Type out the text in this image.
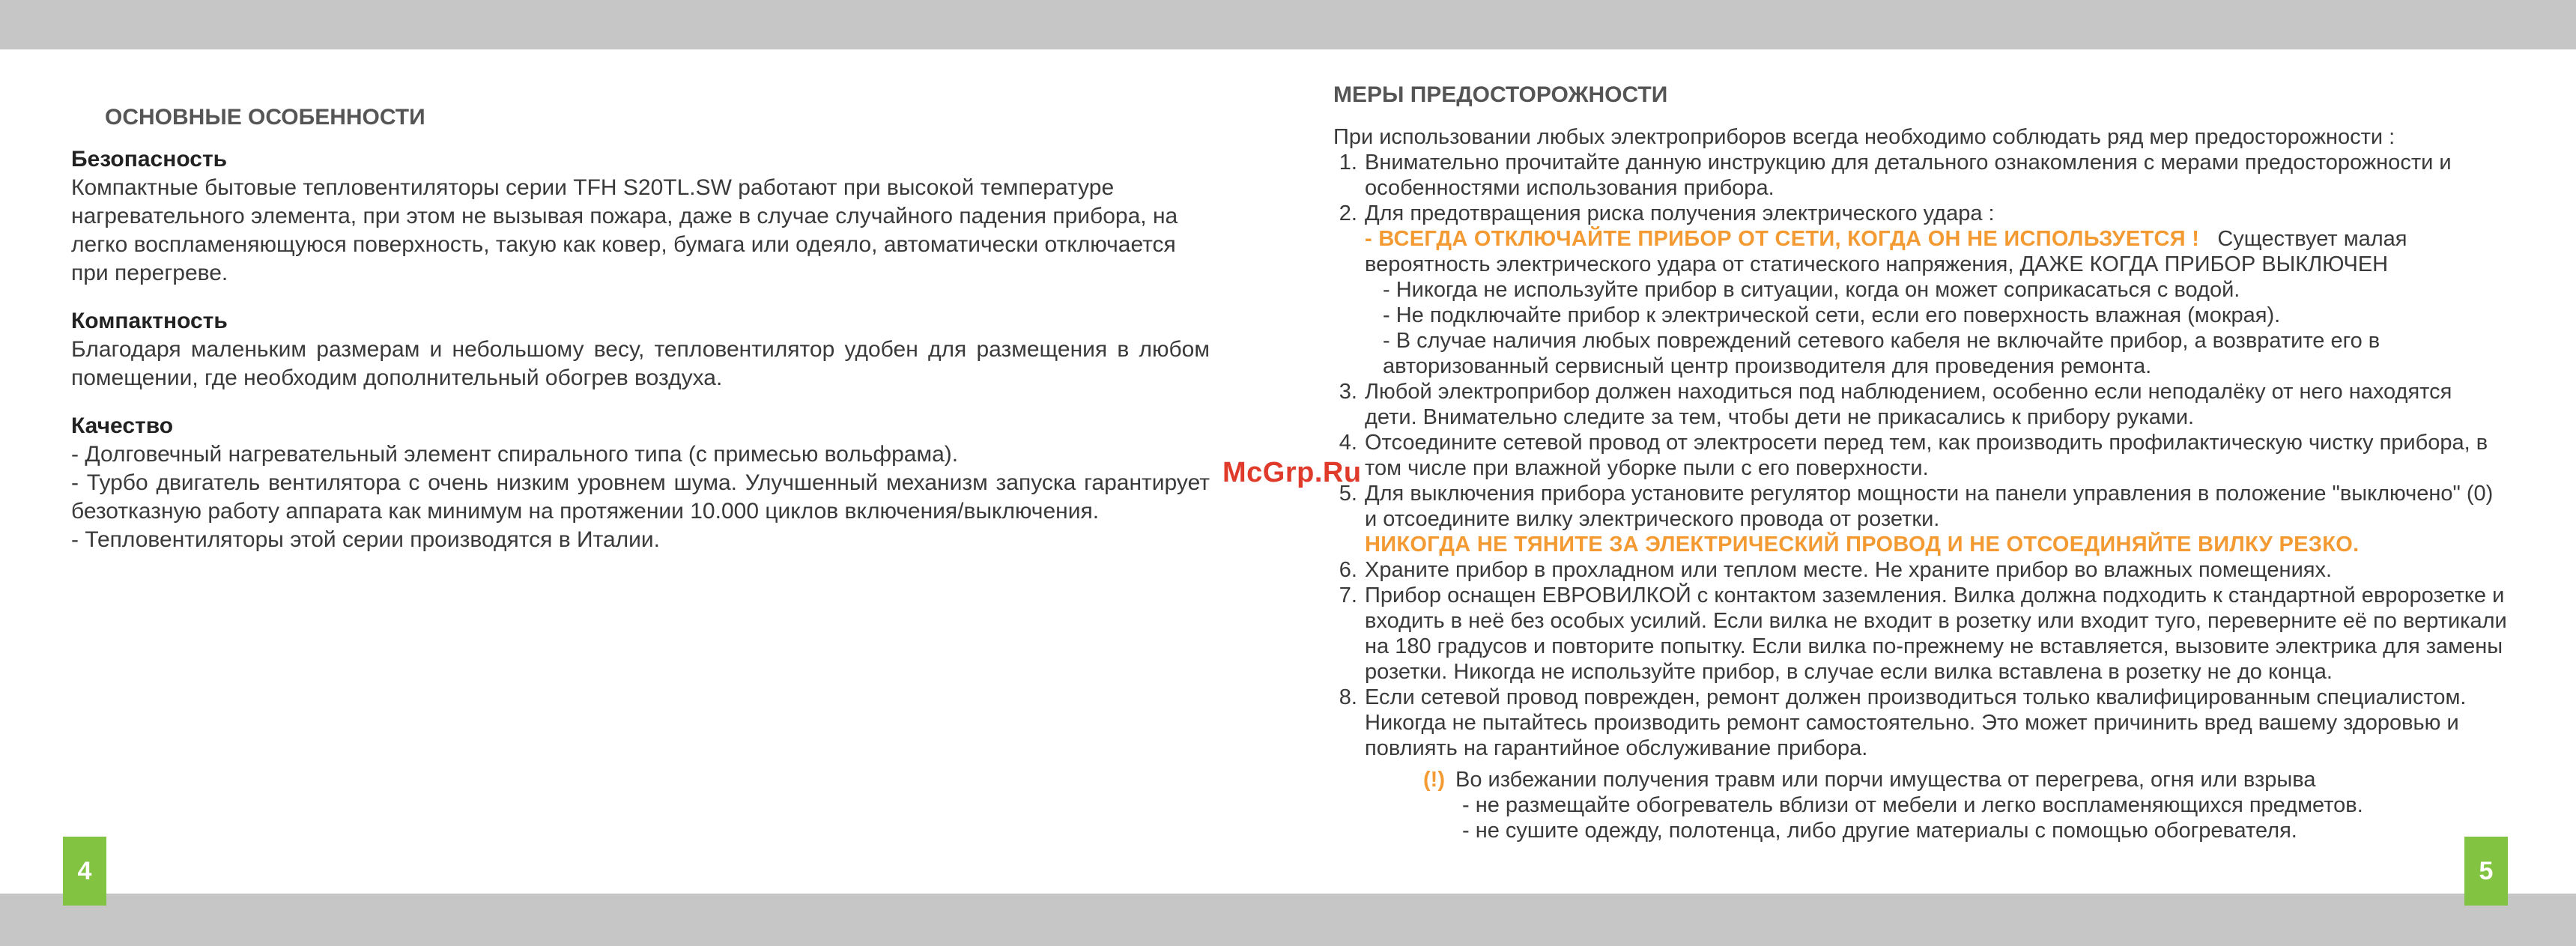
4	5
McGrp.Ru
ОСНОВНЫЕ ОСОБЕННОСТИ
Безопасность

Компактные бытовые тепловентиляторы серии TFH S20TL.SW работают при высокой температуре нагревательного элемента, при этом не вызывая пожара, даже в случае случайного падения прибора, на легко воспламеняющуюся поверхность, такую как ковер, бумага или одеяло, автоматически отключается при перегреве.

Компактность

Благодаря маленьким размерам и небольшому весу, тепловентилятор удобен для размещения в любом помещении, где необходим дополнительный обогрев воздуха.

Качество

- Долговечный нагревательный элемент спирального типа (с примесью вольфрама).

- Турбо двигатель вентилятора с очень низким уровнем шума. Улучшенный механизм запуска гарантирует безотказную работу аппарата как минимум на протяжении 10.000 циклов включения/выключения.

- Тепловентиляторы этой серии производятся в Италии.

МЕРЫ ПРЕДОСТОРОЖНОСТИ

При использовании любых электроприборов всегда необходимо соблюдать ряд мер предосторожности :

1. Внимательно прочитайте данную инструкцию для детального ознакомления с мерами предосторожности и особенностями использования прибора.
2. Для предотвращения риска получения электрического удара :
- ВСЕГДА ОТКЛЮЧАЙТЕ ПРИБОР ОТ СЕТИ, КОГДА ОН НЕ ИСПОЛЬЗУЕТСЯ ! Существует малая вероятность электрического удара от статического напряжения, ДАЖЕ КОГДА ПРИБОР ВЫКЛЮЧЕН
- Никогда не используйте прибор в ситуации, когда он может соприкасаться с водой.
- Не подключайте прибор к электрической сети, если его поверхность влажная (мокрая).
- В случае наличия любых повреждений сетевого кабеля не включайте прибор, а возвратите его в авторизованный сервисный центр производителя для проведения ремонта.
3. Любой электроприбор должен находиться под наблюдением, особенно если неподалёку от него находятся дети. Внимательно следите за тем, чтобы дети не прикасались к прибору руками.
4. Отсоедините сетевой провод от электросети перед тем, как производить профилактическую чистку прибора, в том числе при влажной уборке пыли с его поверхности.
5. Для выключения прибора установите регулятор мощности на панели управления в положение "выключено" (0) и отсоедините вилку электрического провода от розетки.
НИКОГДА НЕ ТЯНИТЕ ЗА ЭЛЕКТРИЧЕСКИЙ ПРОВОД И НЕ ОТСОЕДИНЯЙТЕ ВИЛКУ РЕЗКО.
6. Храните прибор в прохладном или теплом месте. Не храните прибор во влажных помещениях.
7. Прибор оснащен ЕВРОВИЛКОЙ с контактом заземления. Вилка должна подходить к стандартной евророзетке и входить в неё без особых усилий. Если вилка не входит в розетку или входит туго, переверните её по вертикали на 180 градусов и повторите попытку. Если вилка по-прежнему не вставляется, вызовите электрика для замены розетки. Никогда не используйте прибор, в случае если вилка вставлена в розетку не до конца.
8. Если сетевой провод поврежден, ремонт должен производиться только квалифицированным специалистом. Никогда не пытайтесь производить ремонт самостоятельно. Это может причинить вред вашему здоровью и повлиять на гарантийное обслуживание прибора.
(!) Во избежании получения травм или порчи имущества от перегрева, огня или взрыва
- не размещайте обогреватель вблизи от мебели и легко воспламеняющихся предметов.
- не сушите одежду, полотенца, либо другие материалы с помощью обогревателя.
